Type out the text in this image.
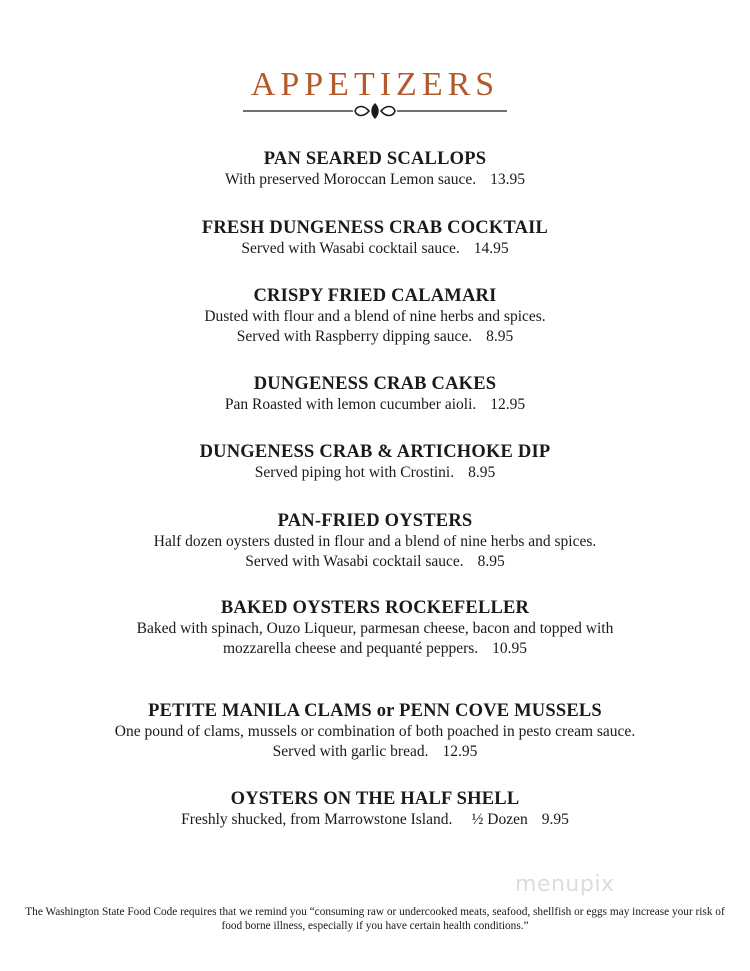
APPETIZERS
PAN SEARED SCALLOPS
With preserved Moroccan Lemon sauce. 13.95
FRESH DUNGENESS CRAB COCKTAIL
Served with Wasabi cocktail sauce. 14.95
CRISPY FRIED CALAMARI
Dusted with flour and a blend of nine herbs and spices.
Served with Raspberry dipping sauce. 8.95
DUNGENESS CRAB CAKES
Pan Roasted with lemon cucumber aioli. 12.95
DUNGENESS CRAB & ARTICHOKE DIP
Served piping hot with Crostini. 8.95
PAN-FRIED OYSTERS
Half dozen oysters dusted in flour and a blend of nine herbs and spices.
Served with Wasabi cocktail sauce. 8.95
BAKED OYSTERS ROCKEFELLER
Baked with spinach, Ouzo Liqueur, parmesan cheese, bacon and topped with
mozzarella cheese and pequanté peppers. 10.95
PETITE MANILA CLAMS or PENN COVE MUSSELS
One pound of clams, mussels or combination of both poached in pesto cream sauce.
Served with garlic bread. 12.95
OYSTERS ON THE HALF SHELL
Freshly shucked, from Marrowstone Island.     ½ Dozen 9.95
menupix
The Washington State Food Code requires that we remind you “consuming raw or undercooked meats, seafood, shellfish or eggs may increase your risk of food borne illness, especially if you have certain health conditions.”
